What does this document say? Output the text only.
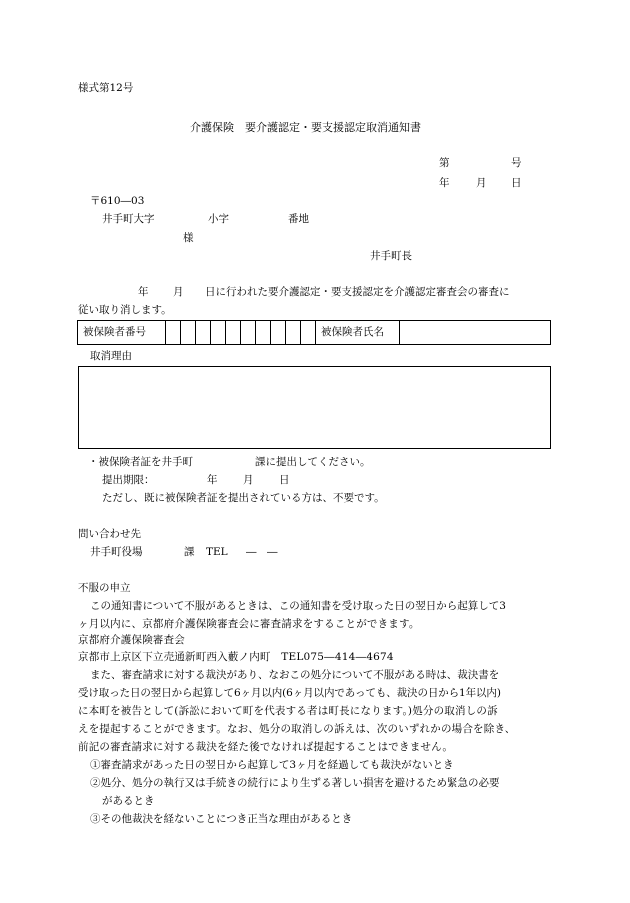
様式第12号
介護保険　要介護認定・要支援認定取消通知書
第	号
年	月 日
〒610―03
井手町大字	小字	番地
様
井手町長
年 月 日に行われた要介護認定・要支援認定を介護認定審査会の審査に
従い取り消します。
被保険者番号	被保険者氏名
取消理由
・被保険者証を井手町	課に提出してください。
提出期限：	年 月 日
ただし、既に被保険者証を提出されている方は、不要です。
問い合わせ先
井手町役場	課 TEL ―　―
不服の申立
この通知書について不服があるときは、この通知書を受け取った日の翌日から起算して3
ヶ月以内に、京都府介護保険審査会に審査請求をすることができます。
京都府介護保険審査会
京都市上京区下立売通新町西入藪ノ内町　TEL075―414―4674
また、審査請求に対する裁決があり、なおこの処分について不服がある時は、裁決書を
受け取った日の翌日から起算して6ヶ月以内(6ヶ月以内であっても、裁決の日から1年以内)
に本町を被告として(訴訟において町を代表する者は町長になります。)処分の取消しの訴
えを提起することができます。なお、処分の取消しの訴えは、次のいずれかの場合を除き、
前記の審査請求に対する裁決を経た後でなければ提起することはできません。
①審査請求があった日の翌日から起算して3ヶ月を経過しても裁決がないとき
②処分、処分の執行又は手続きの続行により生ずる著しい損害を避けるため緊急の必要
があるとき
③その他裁決を経ないことにつき正当な理由があるとき
